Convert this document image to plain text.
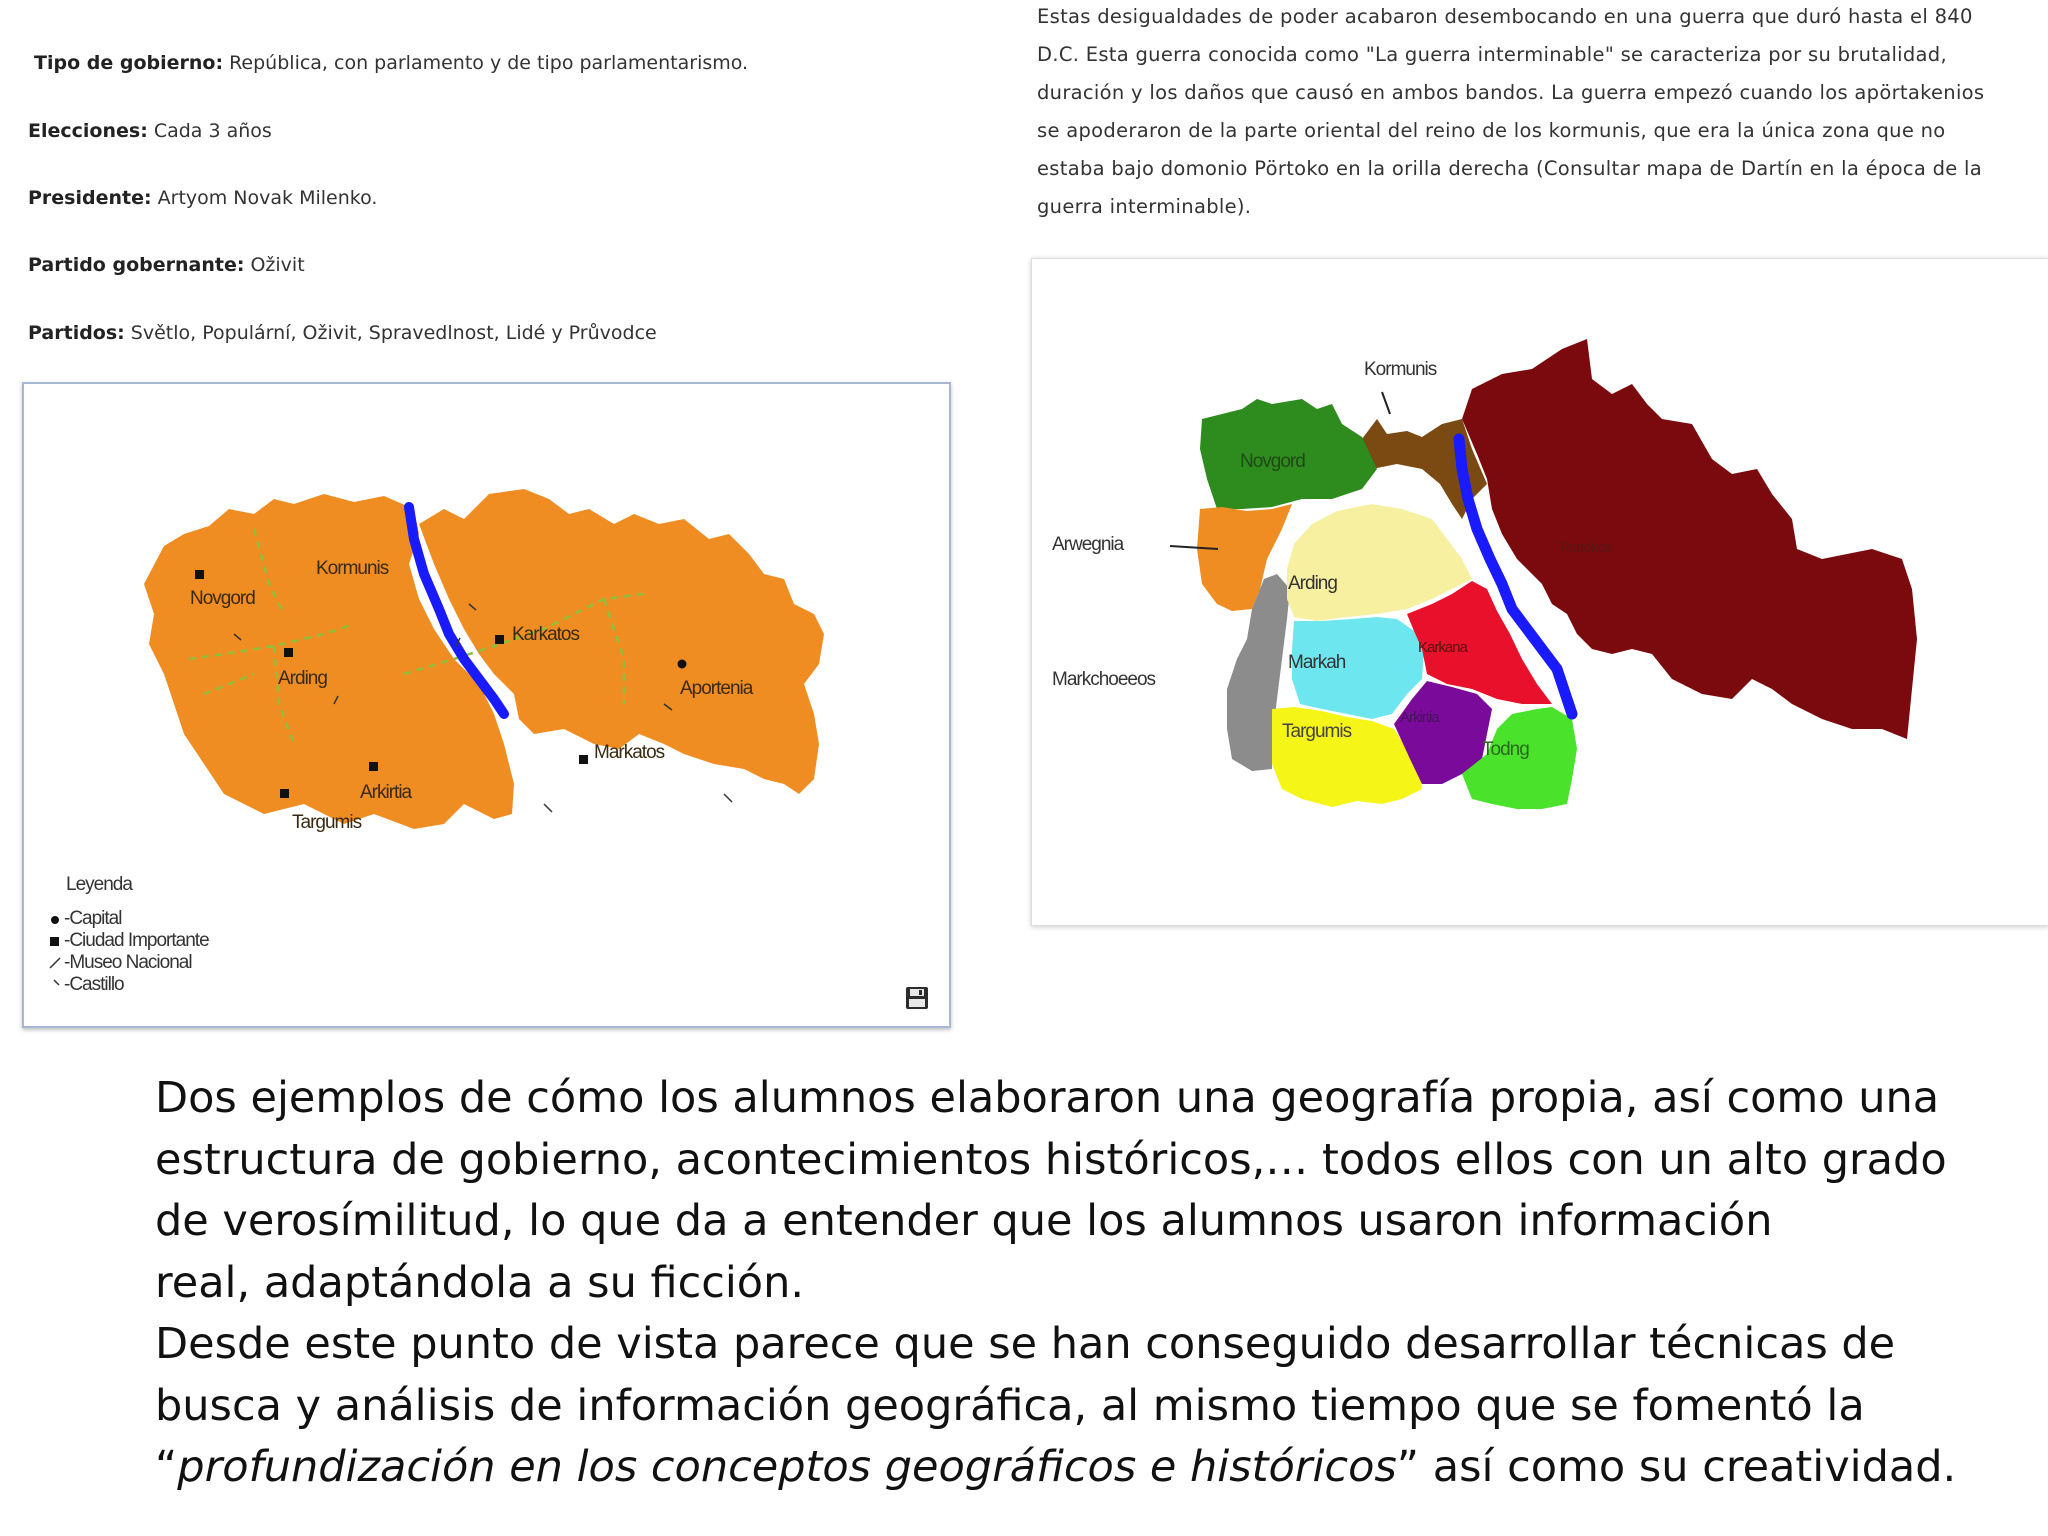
Tipo de gobierno: República, con parlamento y de tipo parlamentarismo.
Elecciones: Cada 3 años
Presidente: Artyom Novak Milenko.
Partido gobernante: Oživit
Partidos: Světlo, Populární, Oživit, Spravedlnost, Lidé y Průvodce
Estas desigualdades de poder acabaron desembocando en una guerra que duró hasta el 840
D.C. Esta guerra conocida como "La guerra interminable" se caracteriza por su brutalidad,
duración y los daños que causó en ambos bandos. La guerra empezó cuando los apörtakenios
se apoderaron de la parte oriental del reino de los kormunis, que era la única zona que no
estaba bajo domonio Pörtoko en la orilla derecha (Consultar mapa de Dartín en la época de la
guerra interminable).
Novgord
Kormunis
Karkatos
Arding	Aportenia
Markatos
Arkirtia
Targumis
Leyenda
-Capital
-Ciudad Importante
-Museo Nacional
-Castillo
Kormunis
Novgord
Arwegnia
Arding
Markchoeeos
Markah
Karkana
Portokos
Targumis
Arkirtia
Todng
Dos ejemplos de cómo los alumnos elaboraron una geografía propia, así como una
estructura de gobierno, acontecimientos históricos,… todos ellos con un alto grado
de verosímilitud, lo que da a entender que los alumnos usaron información
real, adaptándola a su ficción.
Desde este punto de vista parece que se han conseguido desarrollar técnicas de
busca y análisis de información geográfica, al mismo tiempo que se fomentó la
“profundización en los conceptos geográficos e históricos” así como su creatividad.
